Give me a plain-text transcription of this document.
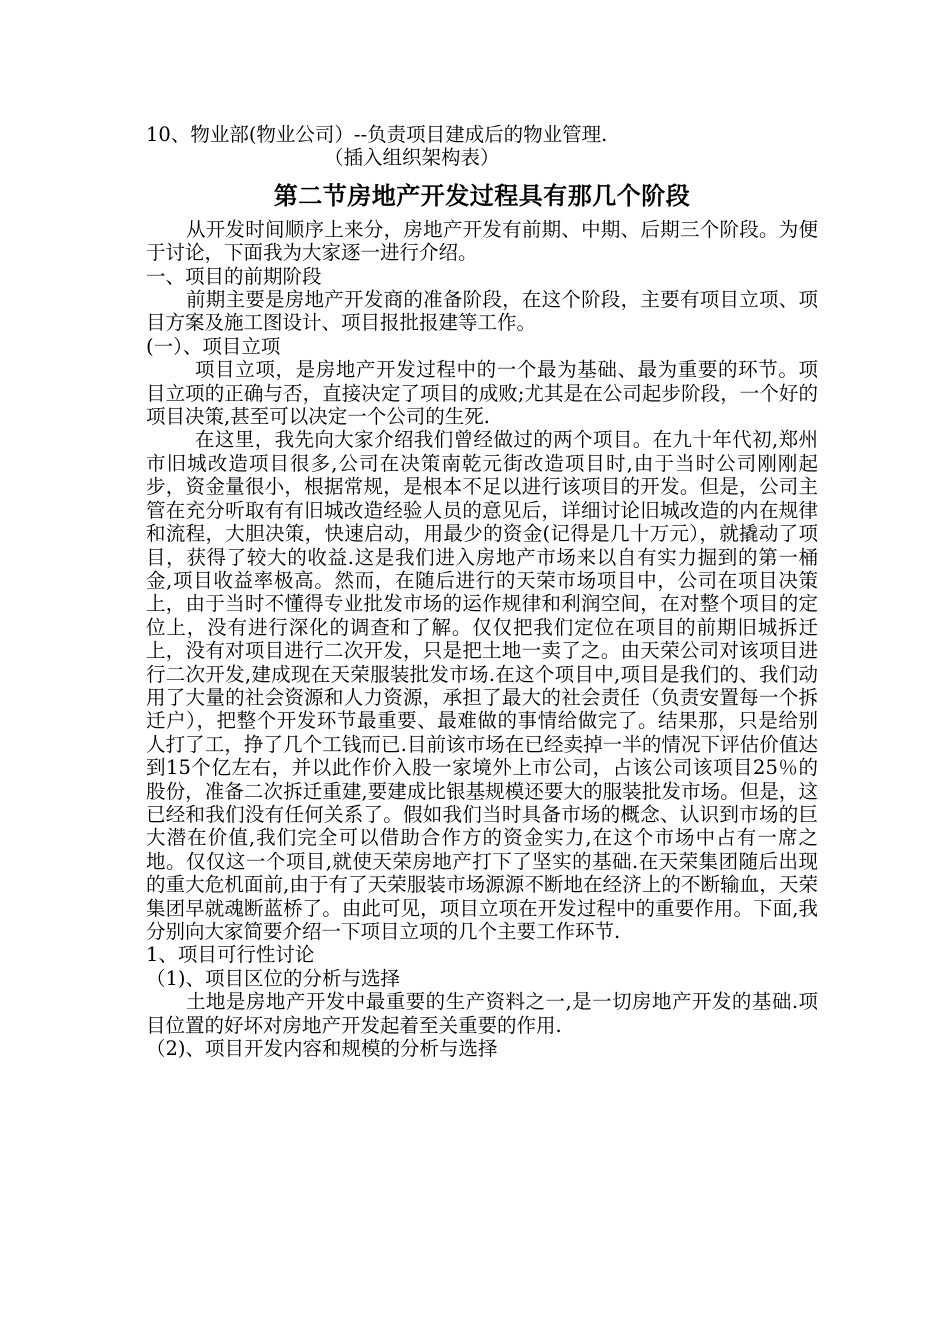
10、物业部(物业公司）--负责项目建成后的物业管理.

（插入组织架构表）

第二节房地产开发过程具有那几个阶段

从开发时间顺序上来分，房地产开发有前期、中期、后期三个阶段。为便于讨论，下面我为大家逐一进行介绍。

一、项目的前期阶段

前期主要是房地产开发商的准备阶段，在这个阶段，主要有项目立项、项目方案及施工图设计、项目报批报建等工作。

(一）、项目立项

项目立项，是房地产开发过程中的一个最为基础、最为重要的环节。项目立项的正确与否，直接决定了项目的成败;尤其是在公司起步阶段，一个好的项目决策,甚至可以决定一个公司的生死.

在这里，我先向大家介绍我们曾经做过的两个项目。在九十年代初,郑州市旧城改造项目很多,公司在决策南乾元街改造项目时,由于当时公司刚刚起步，资金量很小，根据常规，是根本不足以进行该项目的开发。但是，公司主管在充分听取有有旧城改造经验人员的意见后，详细讨论旧城改造的内在规律和流程，大胆决策，快速启动，用最少的资金(记得是几十万元），就撬动了项目，获得了较大的收益.这是我们进入房地产市场来以自有实力掘到的第一桶金,项目收益率极高。然而，在随后进行的天荣市场项目中，公司在项目决策上，由于当时不懂得专业批发市场的运作规律和利润空间，在对整个项目的定位上，没有进行深化的调查和了解。仅仅把我们定位在项目的前期旧城拆迁上，没有对项目进行二次开发，只是把土地一卖了之。由天荣公司对该项目进行二次开发,建成现在天荣服装批发市场.在这个项目中,项目是我们的、我们动用了大量的社会资源和人力资源，承担了最大的社会责任（负责安置每一个拆迁户），把整个开发环节最重要、最难做的事情给做完了。结果那，只是给别人打了工，挣了几个工钱而已.目前该市场在已经卖掉一半的情况下评估价值达到15个亿左右，并以此作价入股一家境外上市公司，占该公司该项目25％的股份，准备二次拆迁重建,要建成比银基规模还要大的服装批发市场。但是，这已经和我们没有任何关系了。假如我们当时具备市场的概念、认识到市场的巨大潜在价值,我们完全可以借助合作方的资金实力,在这个市场中占有一席之地。仅仅这一个项目,就使天荣房地产打下了坚实的基础.在天荣集团随后出现的重大危机面前,由于有了天荣服装市场源源不断地在经济上的不断输血，天荣集团早就魂断蓝桥了。由此可见，项目立项在开发过程中的重要作用。下面,我分别向大家简要介绍一下项目立项的几个主要工作环节.

1、项目可行性讨论

（1)、项目区位的分析与选择

土地是房地产开发中最重要的生产资料之一,是一切房地产开发的基础.项目位置的好坏对房地产开发起着至关重要的作用.

（2)、项目开发内容和规模的分析与选择
